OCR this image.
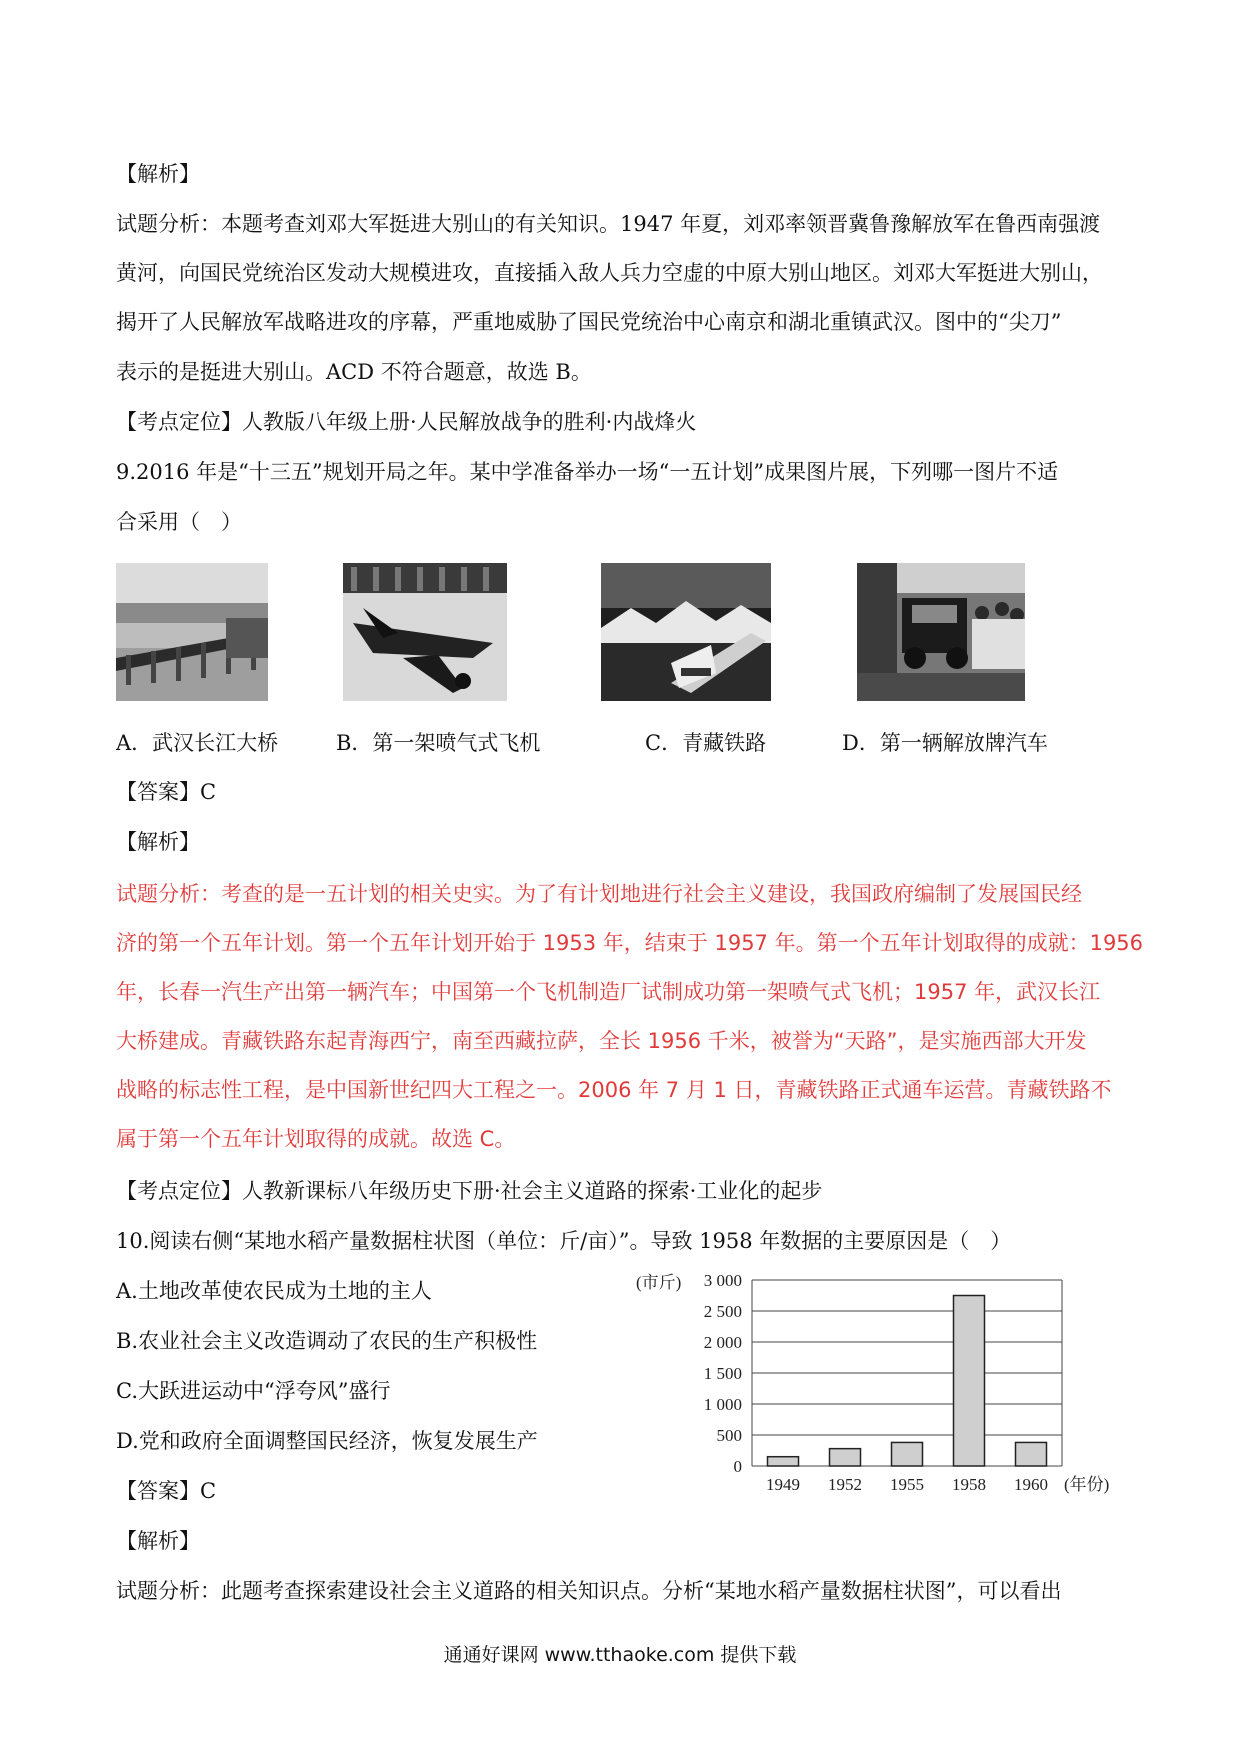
【解析】
试题分析：本题考查刘邓大军挺进大别山的有关知识。1947 年夏，刘邓率领晋冀鲁豫解放军在鲁西南强渡
黄河，向国民党统治区发动大规模进攻，直接插入敌人兵力空虚的中原大别山地区。刘邓大军挺进大别山，
揭开了人民解放军战略进攻的序幕，严重地威胁了国民党统治中心南京和湖北重镇武汉。图中的“尖刀”
表示的是挺进大别山。ACD 不符合题意，故选 B。
【考点定位】人教版八年级上册·人民解放战争的胜利·内战烽火
9.2016 年是“十三五”规划开局之年。某中学准备举办一场“一五计划”成果图片展，下列哪一图片不适
合采用（　）
A．武汉长江大桥	B．第一架喷气式飞机	C．青藏铁路	D．第一辆解放牌汽车
【答案】C
【解析】
试题分析：考查的是一五计划的相关史实。为了有计划地进行社会主义建设，我国政府编制了发展国民经
济的第一个五年计划。第一个五年计划开始于 1953 年，结束于 1957 年。第一个五年计划取得的成就：1956
年，长春一汽生产出第一辆汽车；中国第一个飞机制造厂试制成功第一架喷气式飞机；1957 年，武汉长江
大桥建成。青藏铁路东起青海西宁，南至西藏拉萨，全长 1956 千米，被誉为“天路”，是实施西部大开发
战略的标志性工程，是中国新世纪四大工程之一。2006 年 7 月 1 日，青藏铁路正式通车运营。青藏铁路不
属于第一个五年计划取得的成就。故选 C。
【考点定位】人教新课标八年级历史下册·社会主义道路的探索·工业化的起步
10.阅读右侧“某地水稻产量数据柱状图（单位：斤/亩）”。导致 1958 年数据的主要原因是（　）
A.土地改革使农民成为土地的主人
B.农业社会主义改造调动了农民的生产积极性
C.大跃进运动中“浮夸风”盛行
D.党和政府全面调整国民经济，恢复发展生产
【答案】C
【解析】
试题分析：此题考查探索建设社会主义道路的相关知识点。分析“某地水稻产量数据柱状图”，可以看出
0
500
1 000
1 500
2 000
2 500
3 000
(市斤)
1949 1952 1955 1958 1960 (年份)
通通好课网 www.tthaoke.com 提供下载
